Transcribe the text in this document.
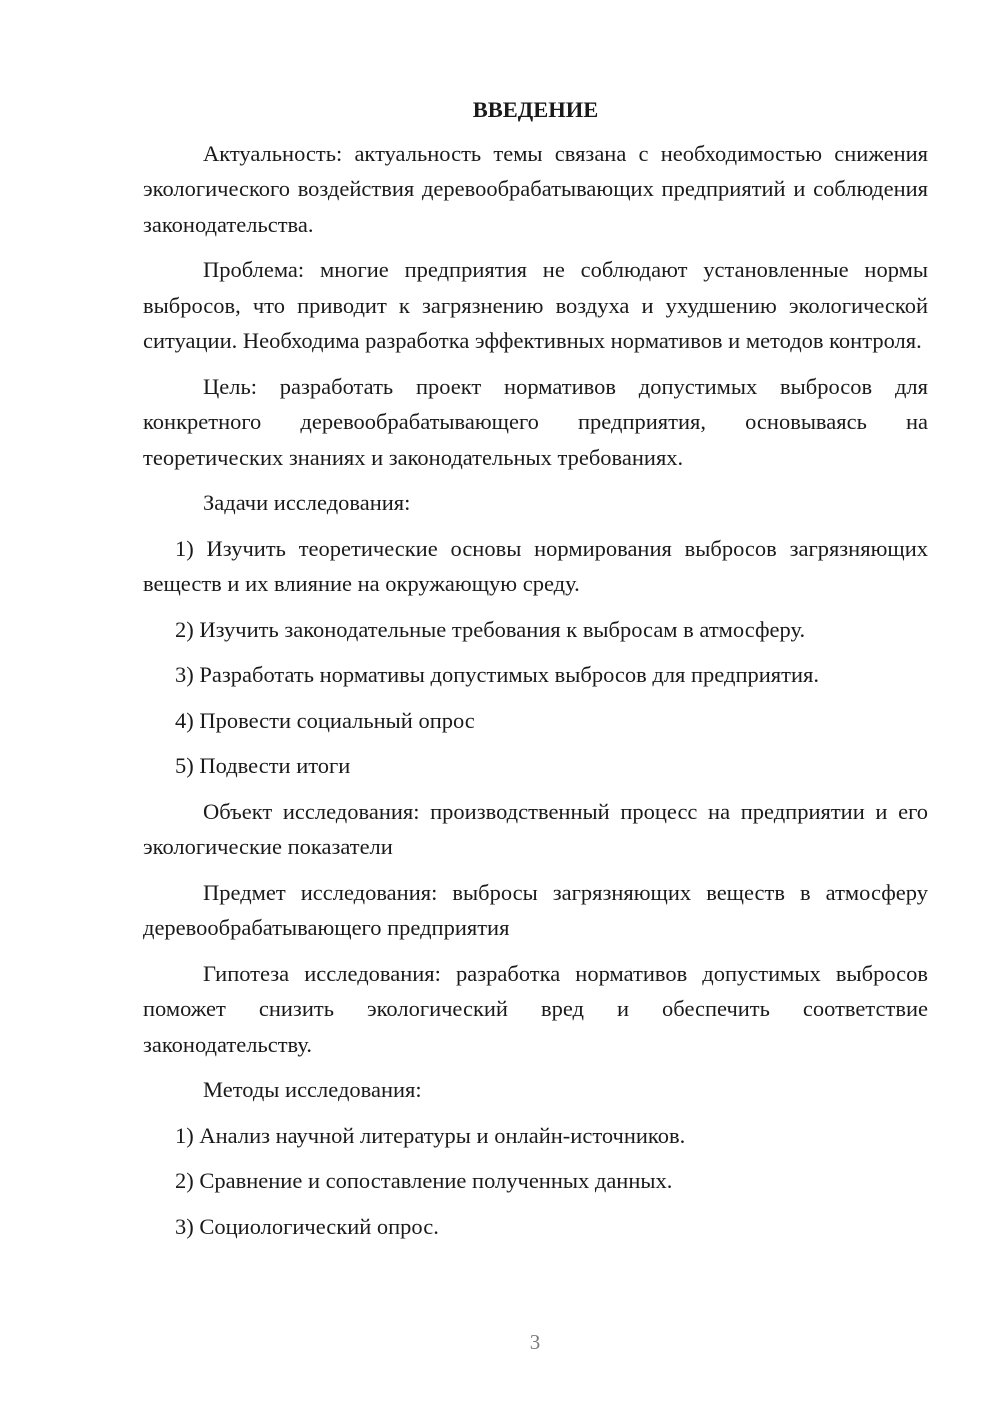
ВВЕДЕНИЕ

Актуальность: актуальность темы связана с необходимостью снижения экологического воздействия деревообрабатывающих предприятий и соблюдения законодательства.

Проблема: многие предприятия не соблюдают установленные нормы выбросов, что приводит к загрязнению воздуха и ухудшению экологической ситуации. Необходима разработка эффективных нормативов и методов контроля.

Цель: разработать проект нормативов допустимых выбросов для конкретного деревообрабатывающего предприятия, основываясь на теоретических знаниях и законодательных требованиях.

Задачи исследования:

1) Изучить теоретические основы нормирования выбросов загрязняющих веществ и их влияние на окружающую среду.

2) Изучить законодательные требования к выбросам в атмосферу.

3) Разработать нормативы допустимых выбросов для предприятия.

4) Провести социальный опрос

5) Подвести итоги

Объект исследования: производственный процесс на предприятии и его экологические показатели

Предмет исследования: выбросы загрязняющих веществ в атмосферу деревообрабатывающего предприятия

Гипотеза исследования: разработка нормативов допустимых выбросов поможет снизить экологический вред и обеспечить соответствие законодательству.

Методы исследования:

1) Анализ научной литературы и онлайн-источников.

2) Сравнение и сопоставление полученных данных.

3) Социологический опрос.

3
